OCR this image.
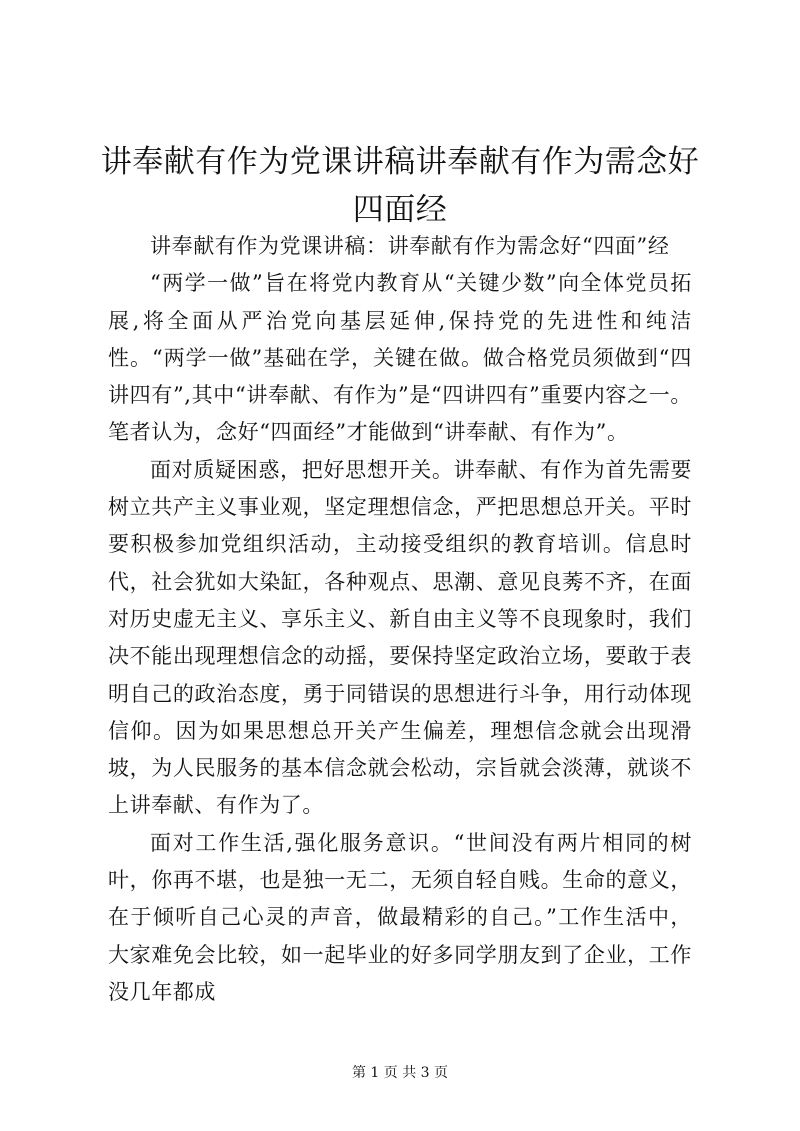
讲奉献有作为党课讲稿讲奉献有作为需念好四面经

讲奉献有作为党课讲稿：讲奉献有作为需念好“四面”经

“两学一做”旨在将党内教育从“关键少数”向全体党员拓展,将全面从严治党向基层延伸,保持党的先进性和纯洁性。“两学一做”基础在学，关键在做。做合格党员须做到“四讲四有”,其中“讲奉献、有作为”是“四讲四有”重要内容之一。笔者认为，念好“四面经”才能做到“讲奉献、有作为”。

面对质疑困惑，把好思想开关。讲奉献、有作为首先需要树立共产主义事业观，坚定理想信念，严把思想总开关。平时要积极参加党组织活动，主动接受组织的教育培训。信息时代，社会犹如大染缸，各种观点、思潮、意见良莠不齐，在面对历史虚无主义、享乐主义、新自由主义等不良现象时，我们决不能出现理想信念的动摇，要保持坚定政治立场，要敢于表明自己的政治态度，勇于同错误的思想进行斗争，用行动体现信仰。因为如果思想总开关产生偏差，理想信念就会出现滑坡，为人民服务的基本信念就会松动，宗旨就会淡薄，就谈不上讲奉献、有作为了。

面对工作生活,强化服务意识。“世间没有两片相同的树叶，你再不堪，也是独一无二，无须自轻自贱。生命的意义，在于倾听自己心灵的声音，做最精彩的自己。”工作生活中，大家难免会比较，如一起毕业的好多同学朋友到了企业，工作没几年都成

第 1 页 共 3 页
